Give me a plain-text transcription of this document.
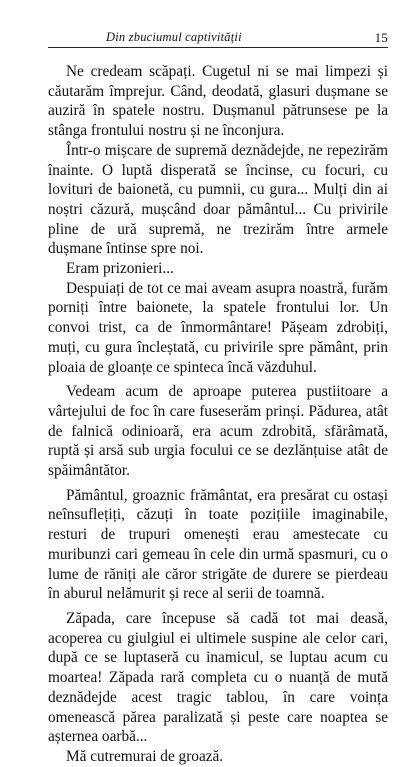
Din zbuciumul captivității	15

Ne credeam scăpați. Cugetul ni se mai limpezi și căutarăm împrejur. Când, deodată, glasuri dușmane se auziră în spatele nostru. Dușmanul pătrunsese pe la stânga frontului nostru și ne înconjura.

Într-o mișcare de supremă deznădejde, ne repezirăm înainte. O luptă disperată se încinse, cu focuri, cu lovituri de baionetă, cu pumnii, cu gura... Mulți din ai noștri căzură, mușcând doar pământul... Cu privirile pline de ură supremă, ne trezirăm între armele dușmane întinse spre noi.

Eram prizonieri...

Despuiați de tot ce mai aveam asupra noastră, furăm porniți între baionete, la spatele frontului lor. Un convoi trist, ca de înmormântare! Pășeam zdrobiți, muți, cu gura încleștată, cu privirile spre pământ, prin ploaia de gloanțe ce spinteca încă văzduhul.

Vedeam acum de aproape puterea pustiitoare a vârtejului de foc în care fuseserăm prinși. Pădurea, atât de falnică odinioară, era acum zdrobită, sfărâmată, ruptă și arsă sub urgia focului ce se dezlănțuise atât de spăimântător.

Pământul, groaznic frământat, era presărat cu ostași neînsuflețiți, căzuți în toate pozițiile imaginabile, resturi de trupuri omenești erau amestecate cu muribunzi cari gemeau în cele din urmă spasmuri, cu o lume de răniți ale căror strigăte de durere se pierdeau în aburul nelămurit și rece al serii de toamnă.

Zăpada, care începuse să cadă tot mai deasă, acoperea cu giulgiul ei ultimele suspine ale celor cari, după ce se luptaseră cu inamicul, se luptau acum cu moartea! Zăpada rară completa cu o nuanță de mută deznădejde acest tragic tablou, în care voința omenească părea paralizată și peste care noaptea se așternea oarbă...

Mă cutremurai de groază.
